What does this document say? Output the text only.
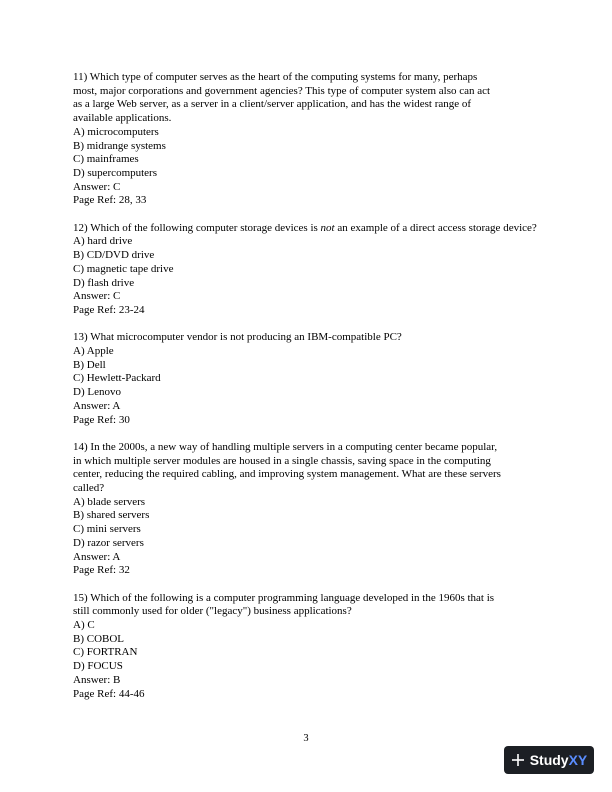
11) Which type of computer serves as the heart of the computing systems for many, perhaps
most, major corporations and government agencies? This type of computer system also can act
as a large Web server, as a server in a client/server application, and has the widest range of
available applications.
A) microcomputers
B) midrange systems
C) mainframes
D) supercomputers
Answer: C
Page Ref: 28, 33
12) Which of the following computer storage devices is not an example of a direct access storage device?
A) hard drive
B) CD/DVD drive
C) magnetic tape drive
D) flash drive
Answer: C
Page Ref: 23-24
13) What microcomputer vendor is not producing an IBM-compatible PC?
A) Apple
B) Dell
C) Hewlett-Packard
D) Lenovo
Answer: A
Page Ref: 30
14) In the 2000s, a new way of handling multiple servers in a computing center became popular,
in which multiple server modules are housed in a single chassis, saving space in the computing
center, reducing the required cabling, and improving system management. What are these servers
called?
A) blade servers
B) shared servers
C) mini servers
D) razor servers
Answer: A
Page Ref: 32
15) Which of the following is a computer programming language developed in the 1960s that is
still commonly used for older ("legacy") business applications?
A) C
B) COBOL
C) FORTRAN
D) FOCUS
Answer: B
Page Ref: 44-46
3
StudyXY
